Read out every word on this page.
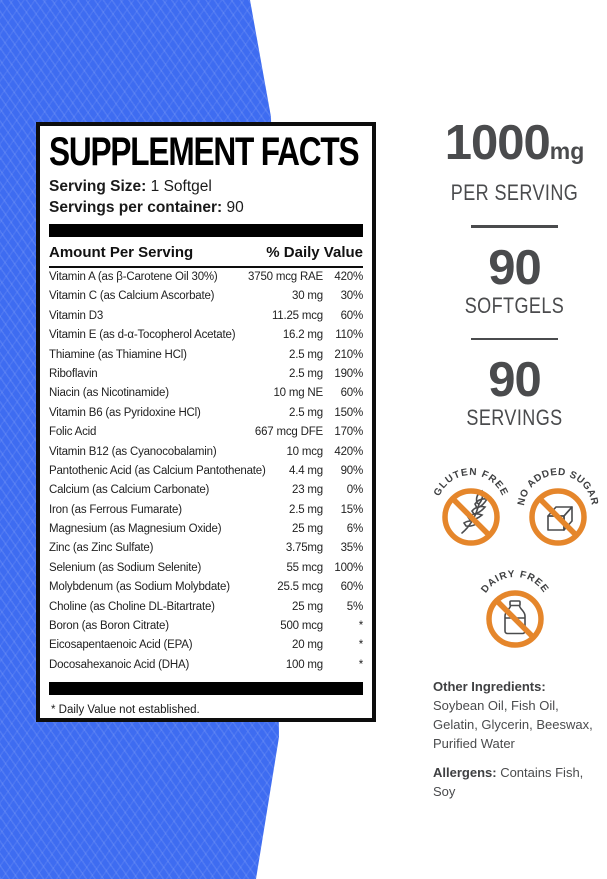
SUPPLEMENT FACTS
Serving Size: 1 Softgel
Servings per container: 90
Amount Per Serving	% Daily Value
Vitamin A (as β-Carotene Oil 30%)	3750 mcg RAE 420%
Vitamin C (as Calcium Ascorbate)	30 mg	30%
Vitamin D3	11.25 mcg	60%
Vitamin E (as d-α-Tocopherol Acetate)	16.2 mg 110%
Thiamine (as Thiamine HCl)	2.5 mg 210%
Riboflavin	2.5 mg 190%
Niacin (as Nicotinamide)	10 mg NE	60%
Vitamin B6 (as Pyridoxine HCl)	2.5 mg 150%
Folic Acid	667 mcg DFE 170%
Vitamin B12 (as Cyanocobalamin)	10 mcg 420%
Pantothenic Acid (as Calcium Pantothenate)	4.4 mg	90%
Calcium (as Calcium Carbonate)	23 mg	0%
Iron (as Ferrous Fumarate)	2.5 mg	15%
Magnesium (as Magnesium Oxide)	25 mg	6%
Zinc (as Zinc Sulfate)	3.75mg	35%
Selenium (as Sodium Selenite)	55 mcg 100%
Molybdenum (as Sodium Molybdate)	25.5 mcg	60%
Choline (as Choline DL-Bitartrate)	25 mg	5%
Boron (as Boron Citrate)	500 mcg	*
Eicosapentaenoic Acid (EPA)	20 mg	*
Docosahexanoic Acid (DHA)	100 mg	*
* Daily Value not established.
1000mg
PER SERVING
90
SOFTGELS
90
SERVINGS
GLUTEN FREE
NO ADDED SUGAR
DAIRY FREE

Other Ingredients: Soybean Oil, Fish Oil, Gelatin, Glycerin, Beeswax, Purified Water

Allergens: Contains Fish, Soy
